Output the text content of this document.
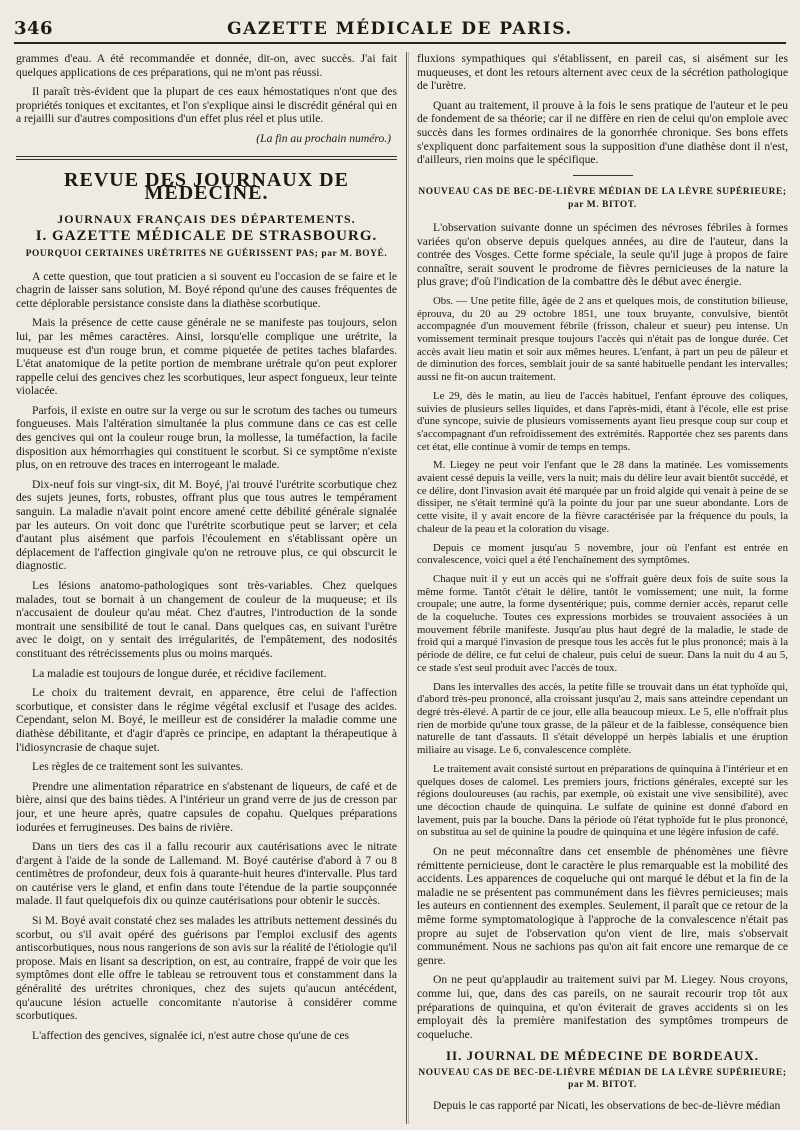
346	GAZETTE MÉDICALE DE PARIS.

grammes d'eau. A été recommandée et donnée, dit-on, avec succès. J'ai fait quelques applications de ces préparations, qui ne m'ont pas réussi.

Il paraît très-évident que la plupart de ces eaux hémostatiques n'ont que des propriétés toniques et excitantes, et l'on s'explique ainsi le discrédit général qui en a rejailli sur d'autres compositions d'un effet plus réel et plus utile.

(La fin au prochain numéro.)
REVUE DES JOURNAUX DE MÉDECINE.
JOURNAUX FRANÇAIS DES DÉPARTEMENTS.
I. GAZETTE MÉDICALE DE STRASBOURG.
POURQUOI CERTAINES URÉTRITES NE GUÉRISSENT PAS; par M. BOYÉ.

A cette question, que tout praticien a si souvent eu l'occasion de se faire et le chagrin de laisser sans solution, M. Boyé répond qu'une des causes fréquentes de cette déplorable persistance consiste dans la diathèse scorbutique.

Mais la présence de cette cause générale ne se manifeste pas toujours, selon lui, par les mêmes caractères. Ainsi, lorsqu'elle complique une urétrite, la muqueuse est d'un rouge brun, et comme piquetée de petites taches blafardes. L'état anatomique de la petite portion de membrane urétrale qu'on peut explorer rappelle celui des gencives chez les scorbutiques, leur aspect fongueux, leur teinte violacée.

Parfois, il existe en outre sur la verge ou sur le scrotum des taches ou tumeurs fongueuses. Mais l'altération simultanée la plus commune dans ce cas est celle des gencives qui ont la couleur rouge brun, la mollesse, la tuméfaction, la facile disposition aux hémorrhagies qui constituent le scorbut. Si ce symptôme n'existe plus, on en retrouve des traces en interrogeant le malade.

Dix-neuf fois sur vingt-six, dit M. Boyé, j'ai trouvé l'urétrite scorbutique chez des sujets jeunes, forts, robustes, offrant plus que tous autres le tempérament sanguin. La maladie n'avait point encore amené cette débilité générale signalée par les auteurs. On voit donc que l'urétrite scorbutique peut se larver; et cela d'autant plus aisément que parfois l'écoulement en s'établissant opère un déplacement de l'affection gingivale qu'on ne retrouve plus, ce qui obscurcit le diagnostic.

Les lésions anatomo-pathologiques sont très-variables. Chez quelques malades, tout se bornait à un changement de couleur de la muqueuse; et ils n'accusaient de douleur qu'au méat. Chez d'autres, l'introduction de la sonde montrait une sensibilité de tout le canal. Dans quelques cas, en suivant l'urètre avec le doigt, on y sentait des irrégularités, de l'empâtement, des nodosités constituant des rétrécissements plus ou moins marqués.

La maladie est toujours de longue durée, et récidive facilement.

Le choix du traitement devrait, en apparence, être celui de l'affection scorbutique, et consister dans le régime végétal exclusif et l'usage des acides. Cependant, selon M. Boyé, le meilleur est de considérer la maladie comme une diathèse débilitante, et d'agir d'après ce principe, en adaptant la thérapeutique à l'idiosyncrasie de chaque sujet.

Les règles de ce traitement sont les suivantes.

Prendre une alimentation réparatrice en s'abstenant de liqueurs, de café et de bière, ainsi que des bains tièdes. A l'intérieur un grand verre de jus de cresson par jour, et une heure après, quatre capsules de copahu. Quelques préparations iodurées et ferrugineuses. Des bains de rivière.

Dans un tiers des cas il a fallu recourir aux cautérisations avec le nitrate d'argent à l'aide de la sonde de Lallemand. M. Boyé cautérise d'abord à 7 ou 8 centimètres de profondeur, deux fois à quarante-huit heures d'intervalle. Plus tard on cautérise vers le gland, et enfin dans toute l'étendue de la partie soupçonnée malade. Il faut quelquefois dix ou quinze cautérisations pour obtenir le succès.

Si M. Boyé avait constaté chez ses malades les attributs nettement dessinés du scorbut, ou s'il avait opéré des guérisons par l'emploi exclusif des agents antiscorbutiques, nous nous rangerions de son avis sur la réalité de l'étiologie qu'il propose. Mais en lisant sa description, on est, au contraire, frappé de voir que les symptômes dont elle offre le tableau se retrouvent tous et constamment dans la généralité des urétrites chroniques, chez des sujets qu'aucun antécédent, qu'aucune lésion actuelle concomitante n'autorise à considérer comme scorbutiques.

L'affection des gencives, signalée ici, n'est autre chose qu'une de ces

fluxions sympathiques qui s'établissent, en pareil cas, si aisément sur les muqueuses, et dont les retours alternent avec ceux de la sécrétion pathologique de l'urètre.

Quant au traitement, il prouve à la fois le sens pratique de l'auteur et le peu de fondement de sa théorie; car il ne diffère en rien de celui qu'on emploie avec succès dans les formes ordinaires de la gonorrhée chronique. Ses bons effets s'expliquent donc parfaitement sous la supposition d'une diathèse dont il n'est, d'ailleurs, rien moins que le spécifique.

NOUVEAU CAS DE BEC-DE-LIÈVRE MÉDIAN DE LA LÈVRE SUPÉRIEURE; par M. BITOT.

L'observation suivante donne un spécimen des névroses fébriles à formes variées qu'on observe depuis quelques années, au dire de l'auteur, dans la contrée des Vosges. Cette forme spéciale, la seule qu'il juge à propos de faire connaître, serait souvent le prodrome de fièvres pernicieuses de la nature la plus grave; d'où l'indication de la combattre dès le début avec énergie.

Obs. — Une petite fille, âgée de 2 ans et quelques mois, de constitution bilieuse, éprouva, du 20 au 29 octobre 1851, une toux bruyante, convulsive, bientôt accompagnée d'un mouvement fébrile (frisson, chaleur et sueur) peu intense. Un vomissement terminait presque toujours l'accès qui n'était pas de longue durée. Cet accès avait lieu matin et soir aux mêmes heures. L'enfant, à part un peu de pâleur et de diminution des forces, semblait jouir de sa santé habituelle pendant les intervalles; aussi ne fit-on aucun traitement.

Le 29, dès le matin, au lieu de l'accès habituel, l'enfant éprouve des coliques, suivies de plusieurs selles liquides, et dans l'après-midi, étant à l'école, elle est prise d'une syncope, suivie de plusieurs vomissements ayant lieu presque coup sur coup et s'accompagnant d'un refroidissement des extrémités. Rapportée chez ses parents dans cet état, elle continue à vomir de temps en temps.

M. Liegey ne peut voir l'enfant que le 28 dans la matinée. Les vomissements avaient cessé depuis la veille, vers la nuit; mais du délire leur avait bientôt succédé, et ce délire, dont l'invasion avait été marquée par un froid algide qui venait à peine de se dissiper, ne s'était terminé qu'à la pointe du jour par une sueur abondante. Lors de cette visite, il y avait encore de la fièvre caractérisée par la fréquence du pouls, la chaleur de la peau et la coloration du visage.

Depuis ce moment jusqu'au 5 novembre, jour où l'enfant est entrée en convalescence, voici quel a été l'enchaînement des symptômes.

Chaque nuit il y eut un accès qui ne s'offrait guère deux fois de suite sous la même forme. Tantôt c'était le délire, tantôt le vomissement; une nuit, la forme croupale; une autre, la forme dysentérique; puis, comme dernier accès, reparut celle de la coqueluche. Toutes ces expressions morbides se trouvaient associées à un mouvement fébrile manifeste. Jusqu'au plus haut degré de la maladie, le stade de froid qui a marqué l'invasion de presque tous les accès fut le plus prononcé; mais à la période de délire, ce fut celui de chaleur, puis celui de sueur. Dans la nuit du 4 au 5, ce stade s'est seul produit avec l'accès de toux.

Dans les intervalles des accès, la petite fille se trouvait dans un état typhoïde qui, d'abord très-peu prononcé, alla croissant jusqu'au 2, mais sans atteindre cependant un degré très-élevé. A partir de ce jour, elle alla beaucoup mieux. Le 5, elle n'offrait plus rien de morbide qu'une toux grasse, de la pâleur et de la faiblesse, conséquence bien naturelle de tant d'assauts. Il s'était développé un herpès labialis et une éruption miliaire au visage. Le 6, convalescence complète.

Le traitement avait consisté surtout en préparations de quinquina à l'intérieur et en quelques doses de calomel. Les premiers jours, frictions générales, excepté sur les régions douloureuses (au rachis, par exemple, où existait une vive sensibilité), avec une décoction chaude de quinquina. Le sulfate de quinine est donné d'abord en lavement, puis par la bouche. Dans la période où l'état typhoïde fut le plus prononcé, on substitua au sel de quinine la poudre de quinquina et une légère infusion de café.

On ne peut méconnaître dans cet ensemble de phénomènes une fièvre rémittente pernicieuse, dont le caractère le plus remarquable est la mobilité des accidents. Les apparences de coqueluche qui ont marqué le début et la fin de la maladie ne se présentent pas communément dans les fièvres pernicieuses; mais les auteurs en contiennent des exemples. Seulement, il paraît que ce retour de la même forme symptomatologique à l'approche de la convalescence n'était pas propre au sujet de l'observation qu'on vient de lire, mais s'observait communément. Nous ne sachions pas qu'on ait fait encore une remarque de ce genre.

On ne peut qu'applaudir au traitement suivi par M. Liegey. Nous croyons, comme lui, que, dans des cas pareils, on ne saurait recourir trop tôt aux préparations de quinquina, et qu'on éviterait de graves accidents si on les employait dès la première manifestation des symptômes trompeurs de coqueluche.

II. JOURNAL DE MÉDECINE DE BORDEAUX.
NOUVEAU CAS DE BEC-DE-LIÈVRE MÉDIAN DE LA LÈVRE SUPÉRIEURE; par M. BITOT.

Depuis le cas rapporté par Nicati, les observations de bec-de-lièvre médian
